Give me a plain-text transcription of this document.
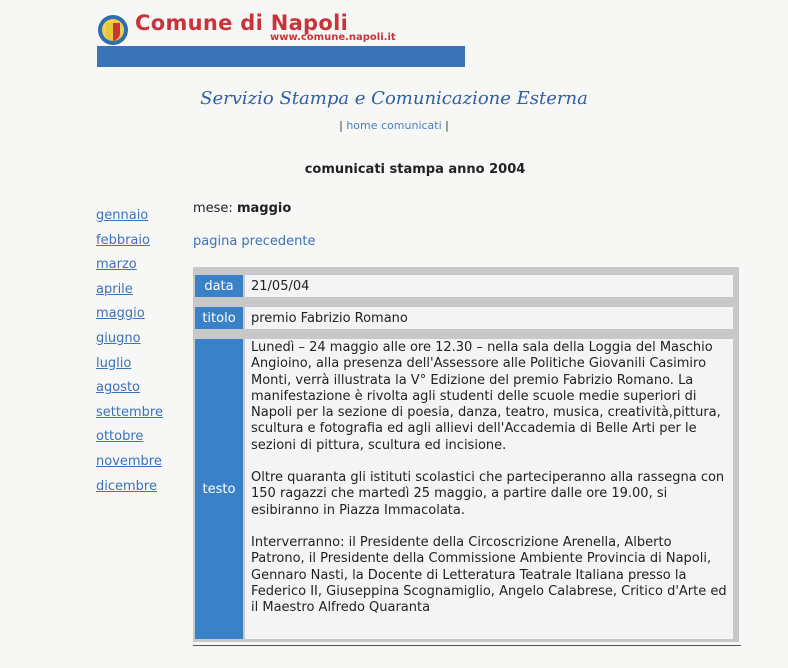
Comune di Napoli
www.comune.napoli.it
Servizio Stampa e Comunicazione Esterna
| home comunicati |
comunicati stampa anno 2004
gennaio
febbraio
marzo
aprile
maggio
giugno
luglio
agosto
settembre
ottobre
novembre
dicembre
mese: maggio
pagina precedente
data	21/05/04
titolo	premio Fabrizio Romano
testo

Lunedì – 24 maggio alle ore 12.30 – nella sala della Loggia del Maschio Angioino, alla presenza dell'Assessore alle Politiche Giovanili Casimiro Monti, verrà illustrata la V° Edizione del premio Fabrizio Romano. La manifestazione è rivolta agli studenti delle scuole medie superiori di Napoli per la sezione di poesia, danza, teatro, musica, creatività,pittura, scultura e fotografia ed agli allievi dell'Accademia di Belle Arti per le sezioni di pittura, scultura ed incisione.

Oltre quaranta gli istituti scolastici che parteciperanno alla rassegna con 150 ragazzi che martedì 25 maggio, a partire dalle ore 19.00, si esibiranno in Piazza Immacolata.

Interverranno: il Presidente della Circoscrizione Arenella, Alberto Patrono, il Presidente della Commissione Ambiente Provincia di Napoli, Gennaro Nasti, la Docente di Letteratura Teatrale Italiana presso la Federico II, Giuseppina Scognamiglio, Angelo Calabrese, Critico d'Arte ed il Maestro Alfredo Quaranta
